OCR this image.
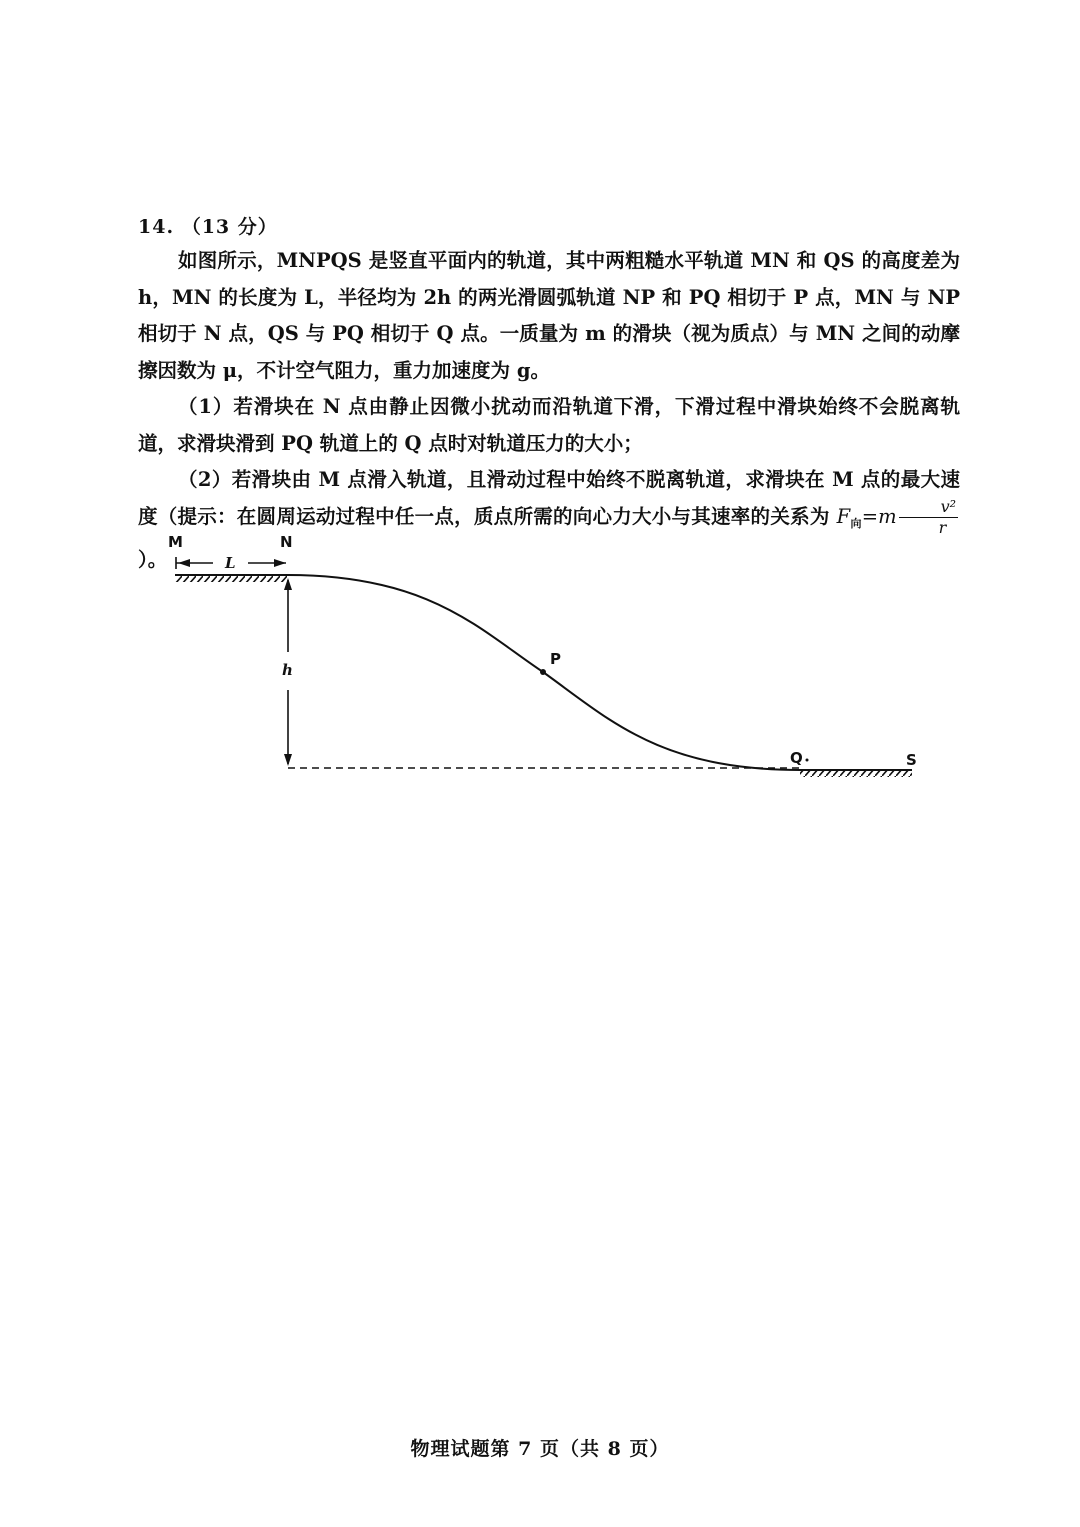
14. （13 分）

如图所示，MNPQS 是竖直平面内的轨道，其中两粗糙水平轨道 MN 和 QS 的高度差为 h，MN 的长度为 L，半径均为 2h 的两光滑圆弧轨道 NP 和 PQ 相切于 P 点，MN 与 NP 相切于 N 点，QS 与 PQ 相切于 Q 点。一质量为 m 的滑块（视为质点）与 MN 之间的动摩擦因数为 μ，不计空气阻力，重力加速度为 g。

（1）若滑块在 N 点由静止因微小扰动而沿轨道下滑，下滑过程中滑块始终不会脱离轨道，求滑块滑到 PQ 轨道上的 Q 点时对轨道压力的大小；

（2）若滑块由 M 点滑入轨道，且滑动过程中始终不脱离轨道，求滑块在 M 点的最大速度（提示：在圆周运动过程中任一点，质点所需的向心力大小与其速率的关系为 $F_向=m \frac{\text{v²}}{r}$
）。

M	N
L
h
P
Q	S
物理试题第 7 页（共 8 页）
